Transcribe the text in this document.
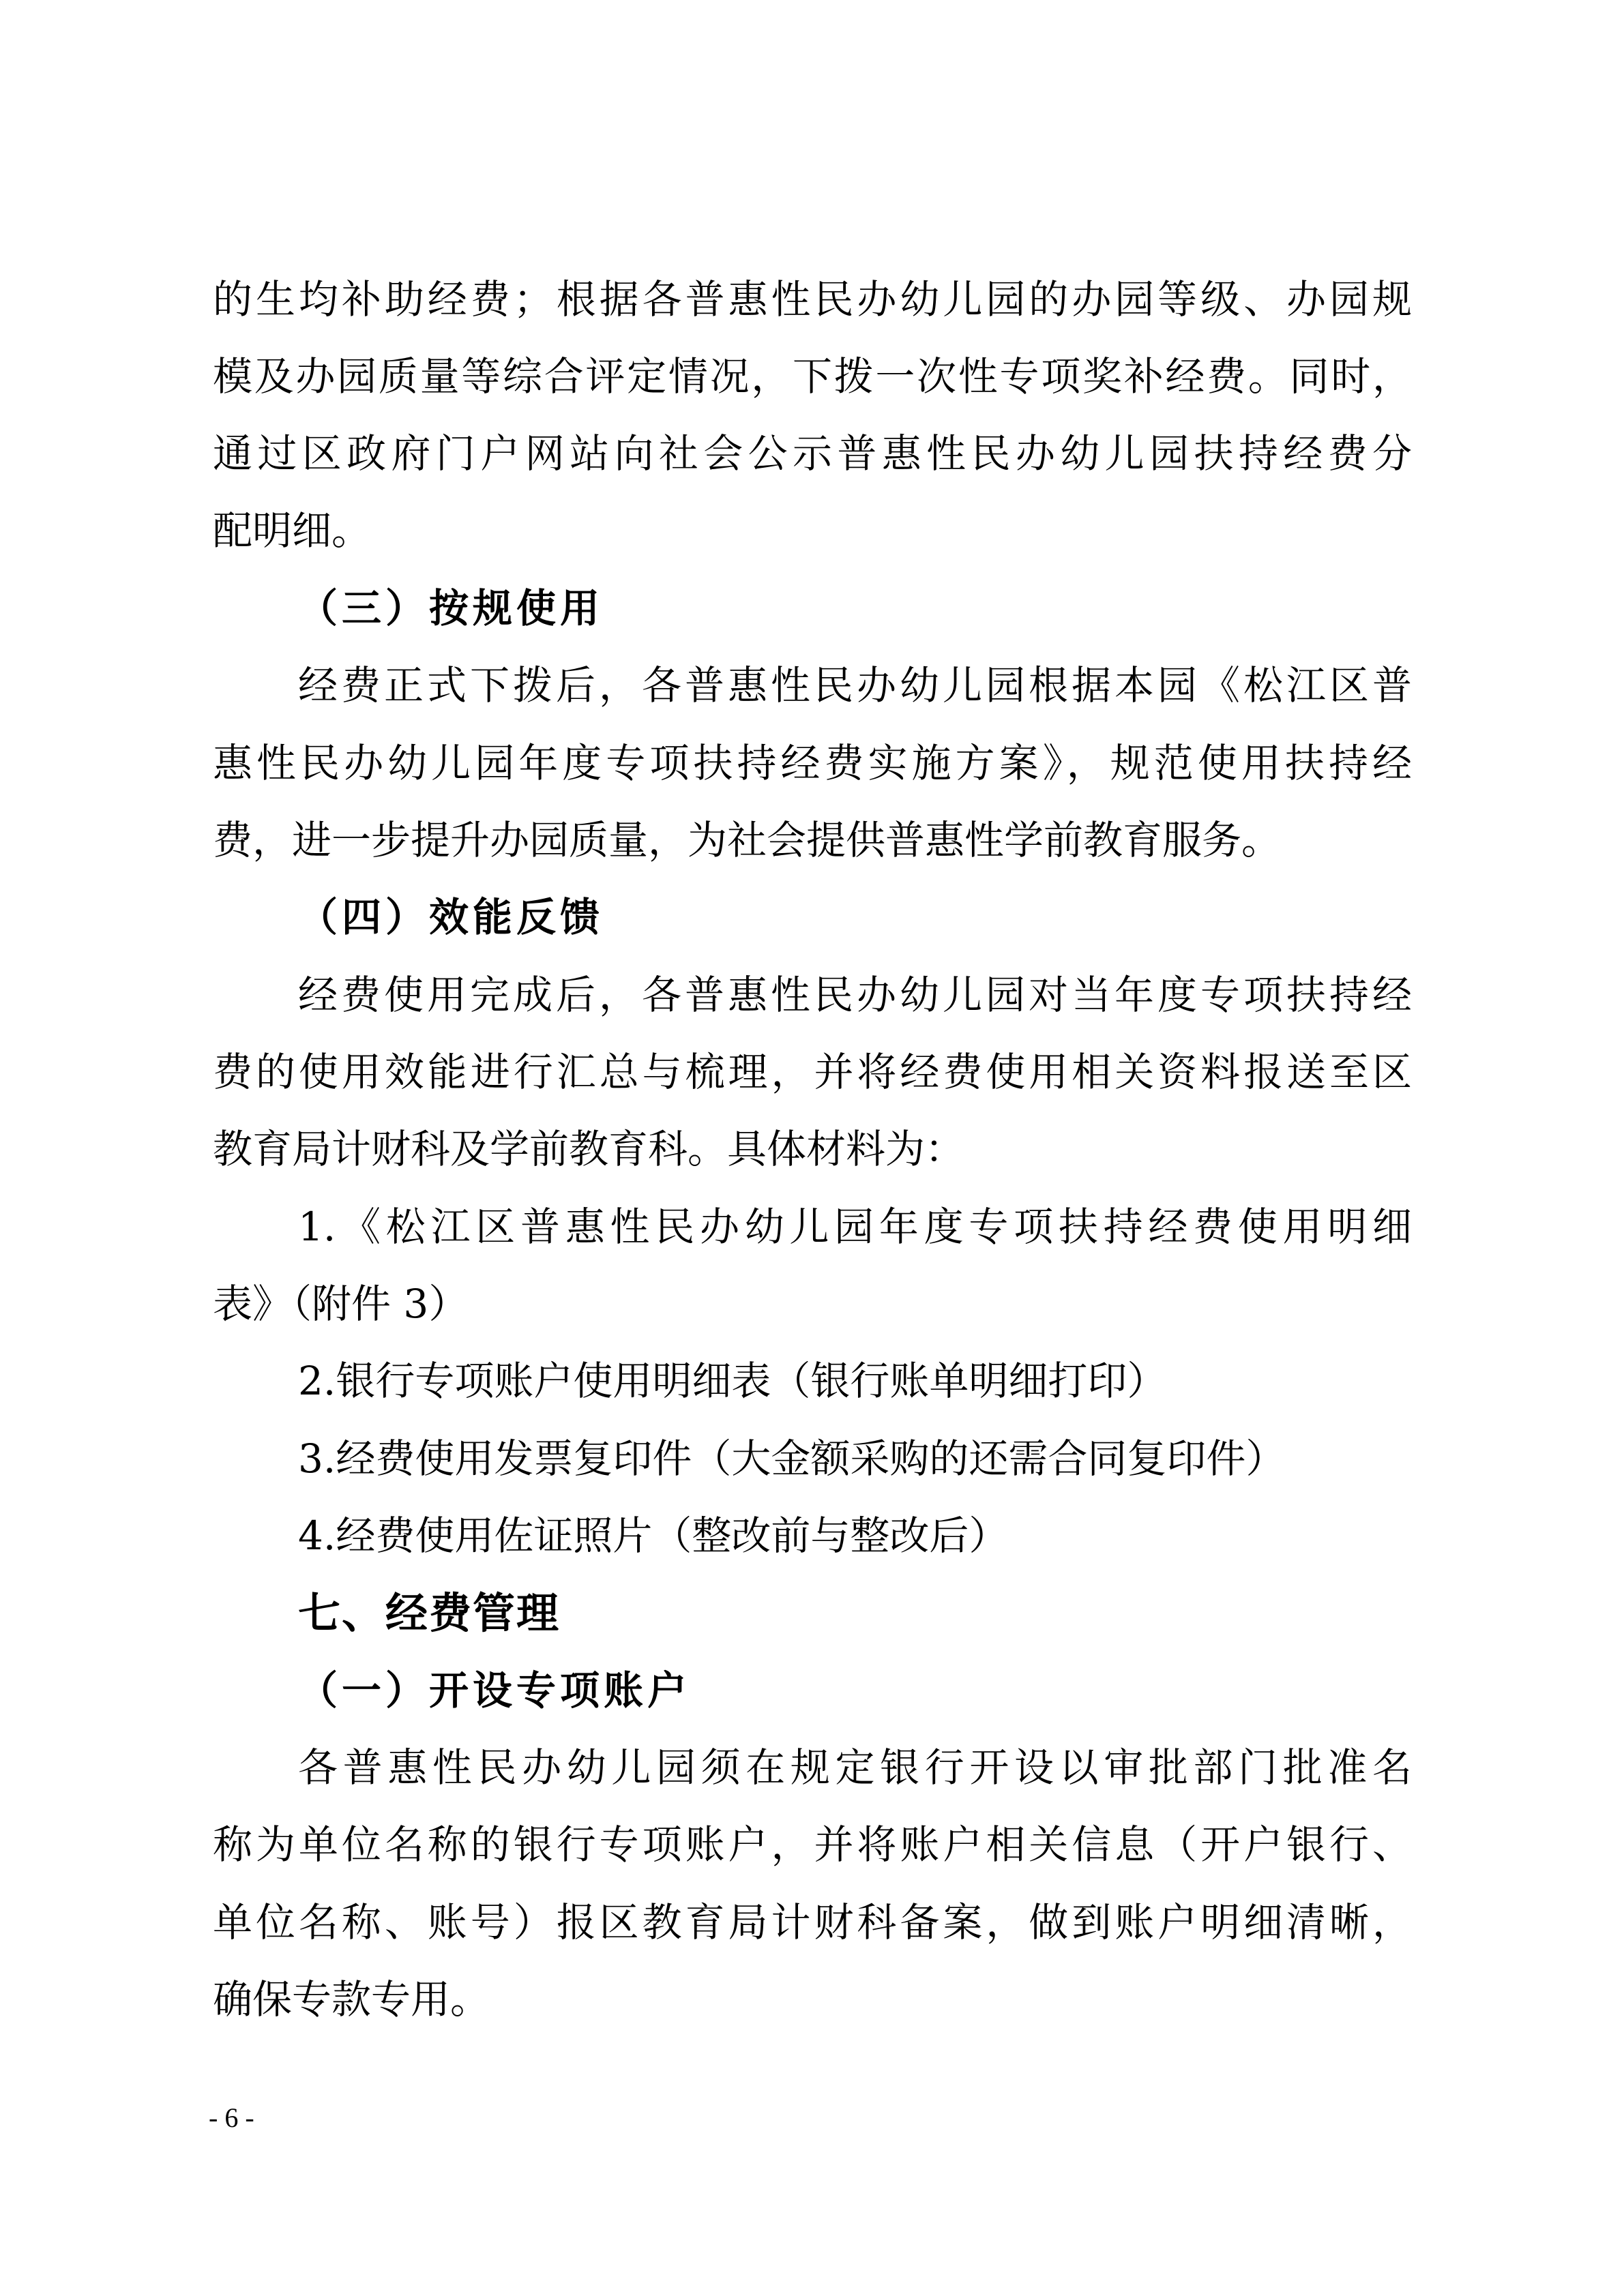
的生均补助经费；根据各普惠性民办幼儿园的办园等级、办园规
模及办园质量等综合评定情况，下拨一次性专项奖补经费。同时，
通过区政府门户网站向社会公示普惠性民办幼儿园扶持经费分
配明细。
（三）按规使用
经费正式下拨后，各普惠性民办幼儿园根据本园《松江区普
惠性民办幼儿园年度专项扶持经费实施方案》，规范使用扶持经
费，进一步提升办园质量，为社会提供普惠性学前教育服务。
（四）效能反馈
经费使用完成后，各普惠性民办幼儿园对当年度专项扶持经
费的使用效能进行汇总与梳理，并将经费使用相关资料报送至区
教育局计财科及学前教育科。具体材料为：
1.《松江区普惠性民办幼儿园年度专项扶持经费使用明细
表》（附件 3）
2.银行专项账户使用明细表（银行账单明细打印）
3.经费使用发票复印件（大金额采购的还需合同复印件）
4.经费使用佐证照片（整改前与整改后）
七、经费管理
（一）开设专项账户
各普惠性民办幼儿园须在规定银行开设以审批部门批准名
称为单位名称的银行专项账户，并将账户相关信息（开户银行、
单位名称、账号）报区教育局计财科备案，做到账户明细清晰，
确保专款专用。
- 6 -
